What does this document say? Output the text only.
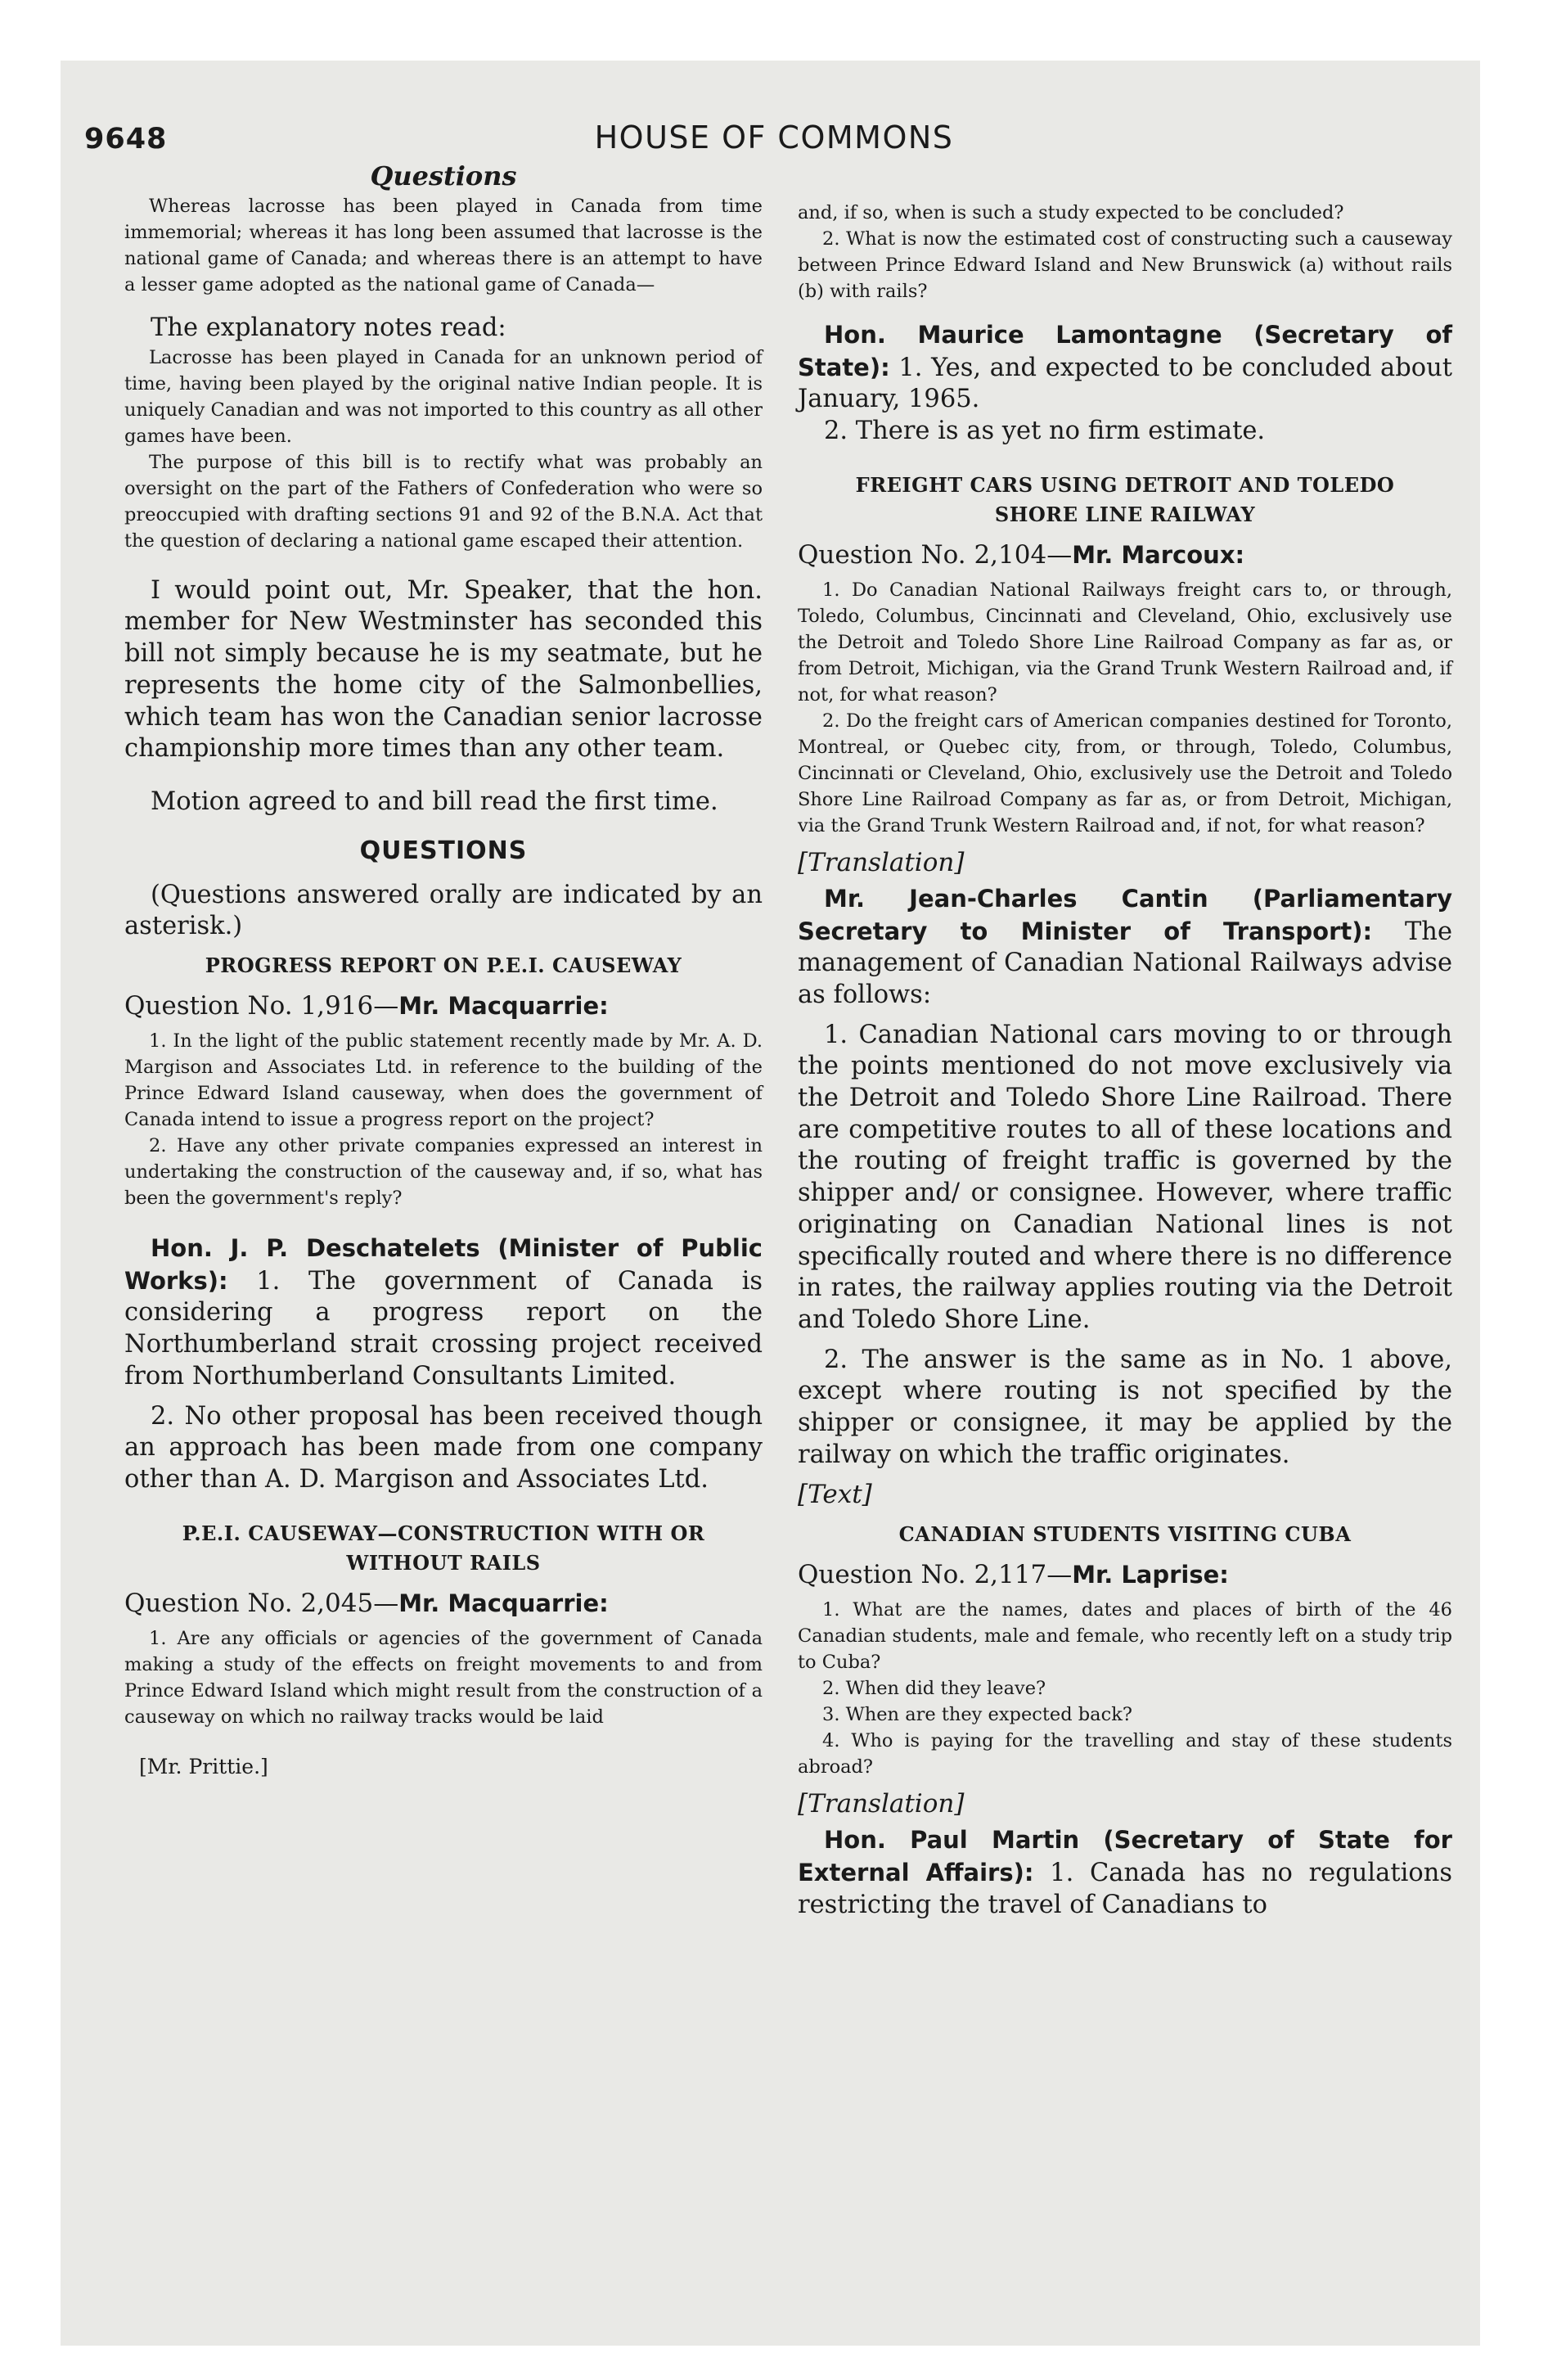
9648	HOUSE OF COMMONS
Questions

Whereas lacrosse has been played in Canada from time immemorial; whereas it has long been assumed that lacrosse is the national game of Canada; and whereas there is an attempt to have a lesser game adopted as the national game of Canada—

The explanatory notes read:

Lacrosse has been played in Canada for an unknown period of time, having been played by the original native Indian people. It is uniquely Canadian and was not imported to this country as all other games have been.

The purpose of this bill is to rectify what was probably an oversight on the part of the Fathers of Confederation who were so preoccupied with drafting sections 91 and 92 of the B.N.A. Act that the question of declaring a national game escaped their attention.

I would point out, Mr. Speaker, that the hon. member for New Westminster has seconded this bill not simply because he is my seatmate, but he represents the home city of the Salmonbellies, which team has won the Canadian senior lacrosse championship more times than any other team.

Motion agreed to and bill read the first time.

QUESTIONS

(Questions answered orally are indicated by an asterisk.)

PROGRESS REPORT ON P.E.I. CAUSEWAY

Question No. 1,916—Mr. Macquarrie:

1. In the light of the public statement recently made by Mr. A. D. Margison and Associates Ltd. in reference to the building of the Prince Edward Island causeway, when does the government of Canada intend to issue a progress report on the project?

2. Have any other private companies expressed an interest in undertaking the construction of the causeway and, if so, what has been the government's reply?

Hon. J. P. Deschatelets (Minister of Public Works): 1. The government of Canada is considering a progress report on the Northumberland strait crossing project received from Northumberland Consultants Limited.

2. No other proposal has been received though an approach has been made from one company other than A. D. Margison and Associates Ltd.

P.E.I. CAUSEWAY—CONSTRUCTION WITH OR
WITHOUT RAILS

Question No. 2,045—Mr. Macquarrie:

1. Are any officials or agencies of the government of Canada making a study of the effects on freight movements to and from Prince Edward Island which might result from the construction of a causeway on which no railway tracks would be laid

[Mr. Prittie.]

and, if so, when is such a study expected to be concluded?

2. What is now the estimated cost of constructing such a causeway between Prince Edward Island and New Brunswick (a) without rails (b) with rails?

Hon. Maurice Lamontagne (Secretary of State): 1. Yes, and expected to be concluded about January, 1965.

2. There is as yet no firm estimate.

FREIGHT CARS USING DETROIT AND TOLEDO
SHORE LINE RAILWAY

Question No. 2,104—Mr. Marcoux:

1. Do Canadian National Railways freight cars to, or through, Toledo, Columbus, Cincinnati and Cleveland, Ohio, exclusively use the Detroit and Toledo Shore Line Railroad Company as far as, or from Detroit, Michigan, via the Grand Trunk Western Railroad and, if not, for what reason?

2. Do the freight cars of American companies destined for Toronto, Montreal, or Quebec city, from, or through, Toledo, Columbus, Cincinnati or Cleveland, Ohio, exclusively use the Detroit and Toledo Shore Line Railroad Company as far as, or from Detroit, Michigan, via the Grand Trunk Western Railroad and, if not, for what reason?

[Translation]

Mr. Jean-Charles Cantin (Parliamentary Secretary to Minister of Transport): The management of Canadian National Railways advise as follows:

1. Canadian National cars moving to or through the points mentioned do not move exclusively via the Detroit and Toledo Shore Line Railroad. There are competitive routes to all of these locations and the routing of freight traffic is governed by the shipper and/ or consignee. However, where traffic originating on Canadian National lines is not specifically routed and where there is no difference in rates, the railway applies routing via the Detroit and Toledo Shore Line.

2. The answer is the same as in No. 1 above, except where routing is not specified by the shipper or consignee, it may be applied by the railway on which the traffic originates.

[Text]

CANADIAN STUDENTS VISITING CUBA

Question No. 2,117—Mr. Laprise:

1. What are the names, dates and places of birth of the 46 Canadian students, male and female, who recently left on a study trip to Cuba?

2. When did they leave?

3. When are they expected back?

4. Who is paying for the travelling and stay of these students abroad?

[Translation]

Hon. Paul Martin (Secretary of State for External Affairs): 1. Canada has no regulations restricting the travel of Canadians to
